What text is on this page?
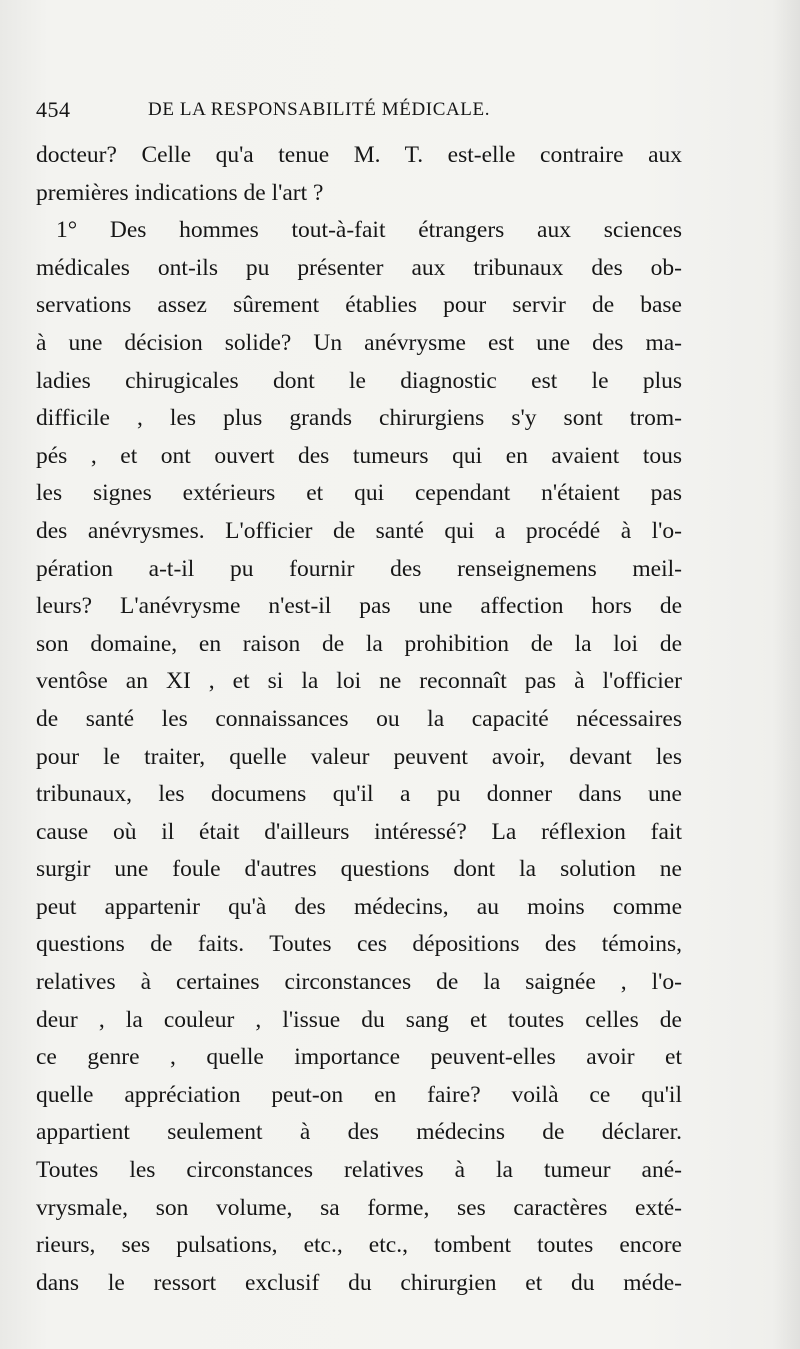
454	DE LA RESPONSABILITÉ MÉDICALE.
docteur? Celle qu'a tenue M. T. est-elle contraire aux
premières indications de l'art ?
1° Des hommes tout-à-fait étrangers aux sciences
médicales ont-ils pu présenter aux tribunaux des ob-
servations assez sûrement établies pour servir de base
à une décision solide? Un anévrysme est une des ma-
ladies chirugicales dont le diagnostic est le plus
difficile , les plus grands chirurgiens s'y sont trom-
pés , et ont ouvert des tumeurs qui en avaient tous
les signes extérieurs et qui cependant n'étaient pas
des anévrysmes. L'officier de santé qui a procédé à l'o-
pération a-t-il pu fournir des renseignemens meil-
leurs? L'anévrysme n'est-il pas une affection hors de
son domaine, en raison de la prohibition de la loi de
ventôse an XI , et si la loi ne reconnaît pas à l'officier
de santé les connaissances ou la capacité nécessaires
pour le traiter, quelle valeur peuvent avoir, devant les
tribunaux, les documens qu'il a pu donner dans une
cause où il était d'ailleurs intéressé? La réflexion fait
surgir une foule d'autres questions dont la solution ne
peut appartenir qu'à des médecins, au moins comme
questions de faits. Toutes ces dépositions des témoins,
relatives à certaines circonstances de la saignée , l'o-
deur , la couleur , l'issue du sang et toutes celles de
ce genre , quelle importance peuvent-elles avoir et
quelle appréciation peut-on en faire? voilà ce qu'il
appartient seulement à des médecins de déclarer.
Toutes les circonstances relatives à la tumeur ané-
vrysmale, son volume, sa forme, ses caractères exté-
rieurs, ses pulsations, etc., etc., tombent toutes encore
dans le ressort exclusif du chirurgien et du méde-
